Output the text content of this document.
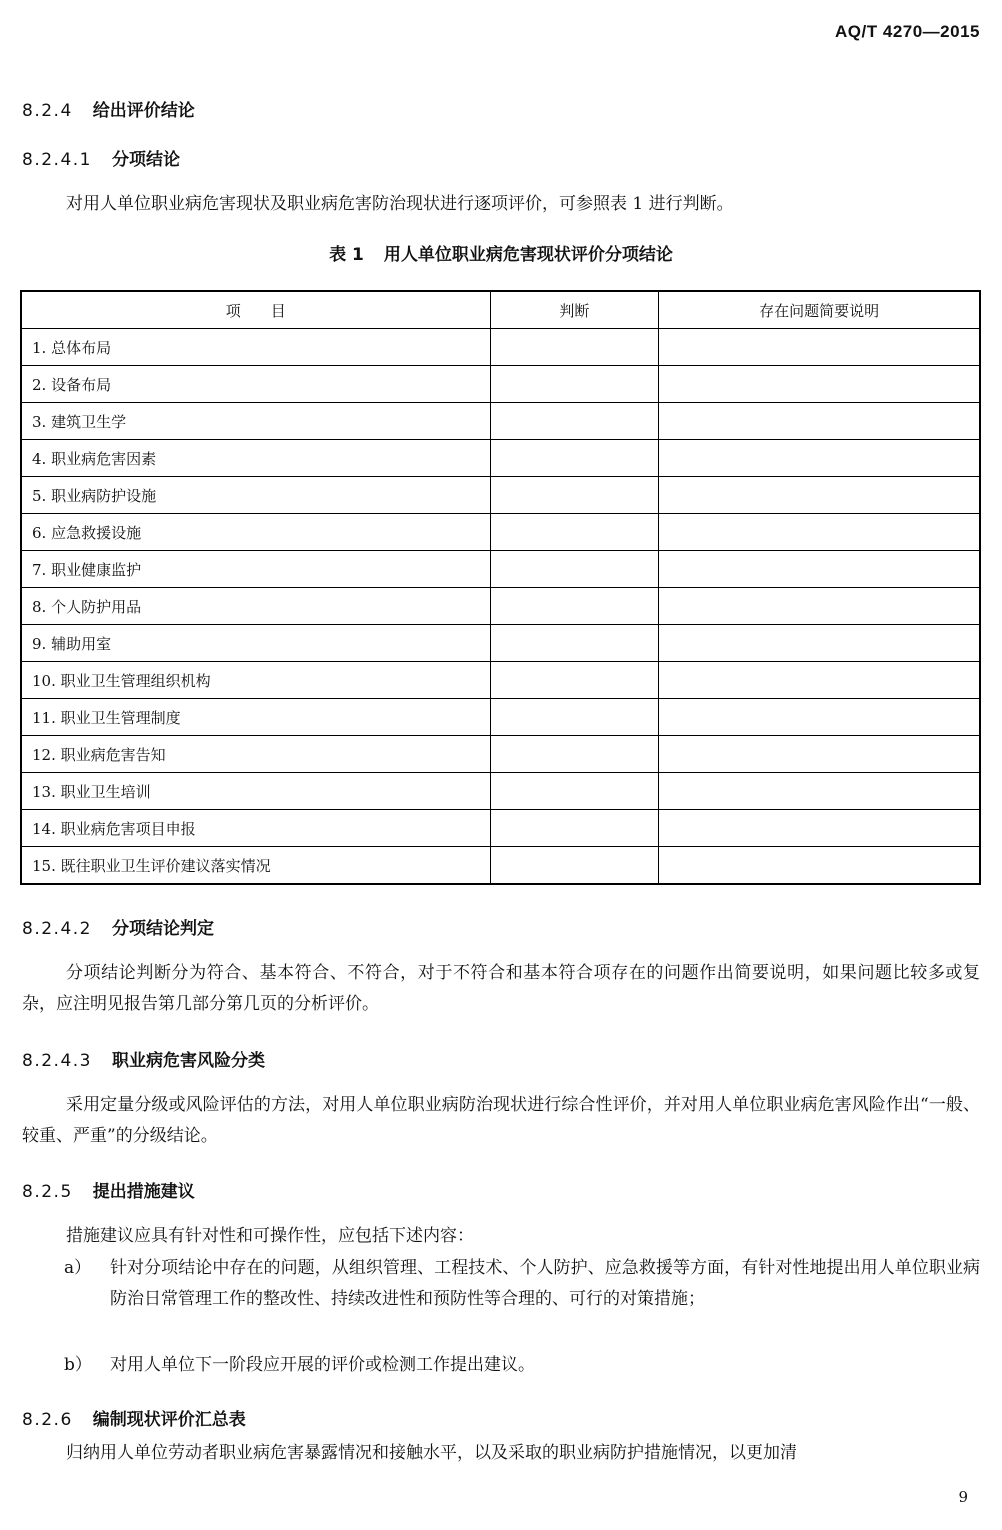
AQ/T 4270—2015
8.2.4 给出评价结论
8.2.4.1 分项结论
对用人单位职业病危害现状及职业病危害防治现状进行逐项评价，可参照表 1 进行判断。
表 1 用人单位职业病危害现状评价分项结论
项　　目	判断	存在问题简要说明
1. 总体布局		
2. 设备布局		
3. 建筑卫生学		
4. 职业病危害因素		
5. 职业病防护设施		
6. 应急救援设施		
7. 职业健康监护		
8. 个人防护用品		
9. 辅助用室		
10. 职业卫生管理组织机构		
11. 职业卫生管理制度		
12. 职业病危害告知		
13. 职业卫生培训		
14. 职业病危害项目申报		
15. 既往职业卫生评价建议落实情况		
8.2.4.2 分项结论判定
分项结论判断分为符合、基本符合、不符合，对于不符合和基本符合项存在的问题作出简要说明，如果问题比较多或复杂，应注明见报告第几部分第几页的分析评价。
8.2.4.3 职业病危害风险分类
采用定量分级或风险评估的方法，对用人单位职业病防治现状进行综合性评价，并对用人单位职业病危害风险作出“一般、较重、严重”的分级结论。
8.2.5 提出措施建议
措施建议应具有针对性和可操作性，应包括下述内容：
a） 针对分项结论中存在的问题，从组织管理、工程技术、个人防护、应急救援等方面，有针对性地提出用人单位职业病防治日常管理工作的整改性、持续改进性和预防性等合理的、可行的对策措施；
b） 对用人单位下一阶段应开展的评价或检测工作提出建议。
8.2.6 编制现状评价汇总表
归纳用人单位劳动者职业病危害暴露情况和接触水平，以及采取的职业病防护措施情况，以更加清
9
